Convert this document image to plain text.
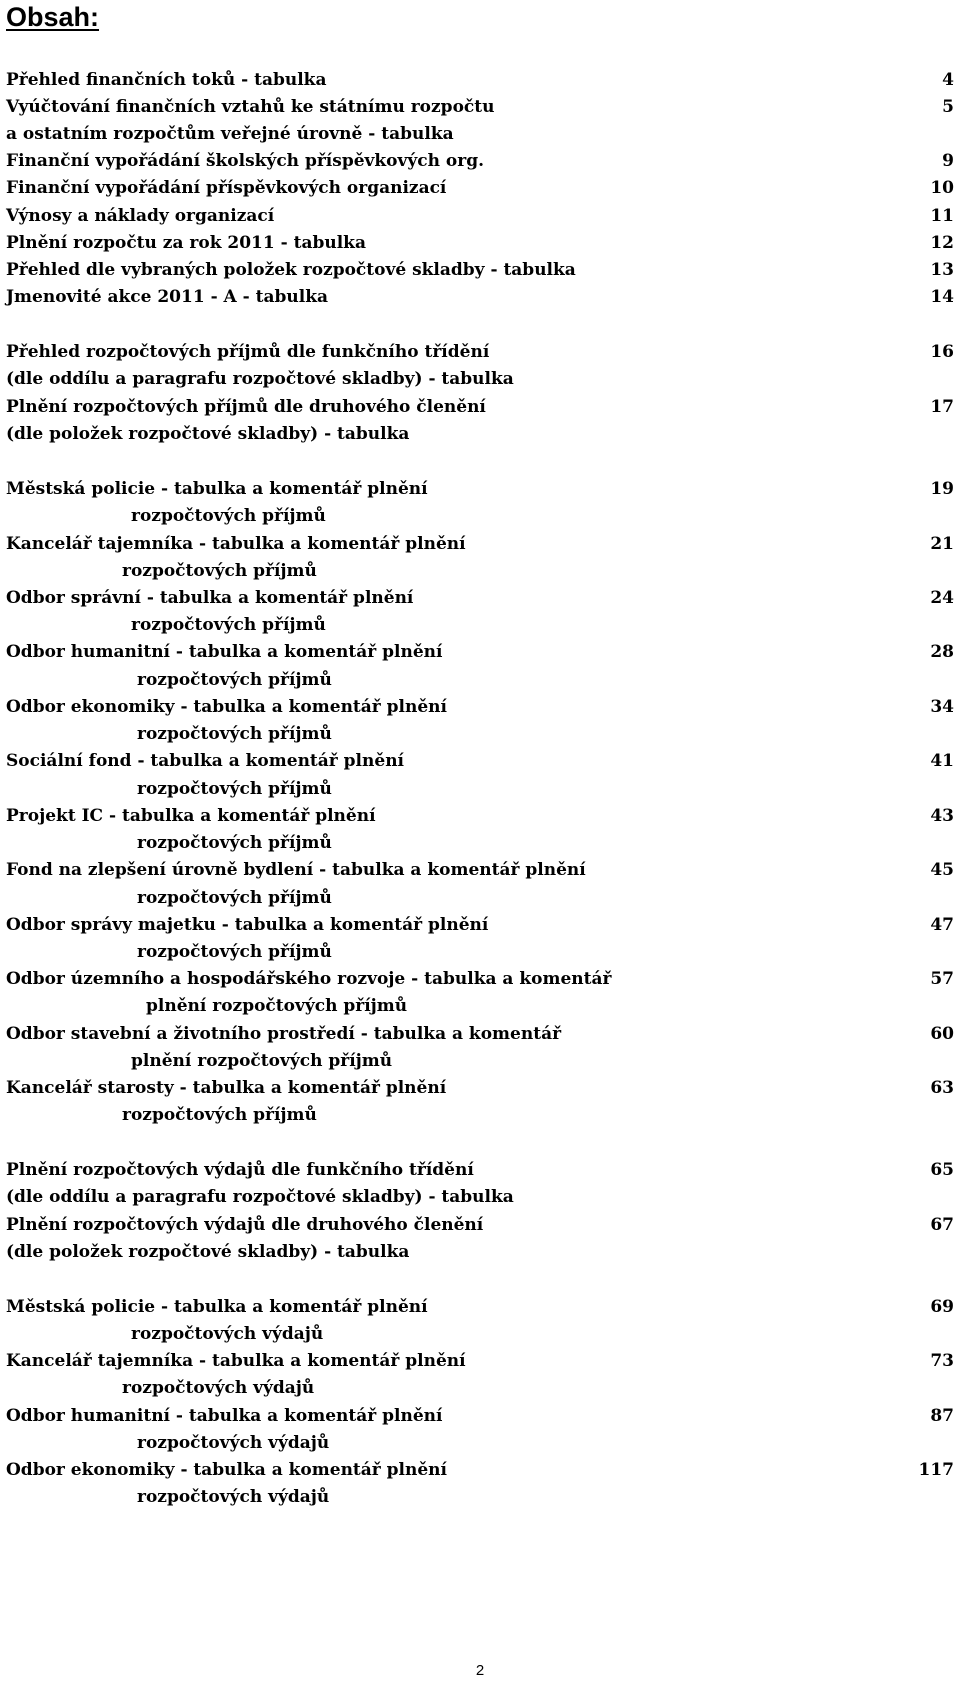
Obsah:
Přehled finančních toků - tabulka	4
Vyúčtování finančních vztahů ke státnímu rozpočtu	5
a ostatním rozpočtům veřejné úrovně - tabulka
Finanční vypořádání školských příspěvkových org.	9
Finanční vypořádání příspěvkových organizací	10
Výnosy a náklady organizací	11
Plnění rozpočtu za rok 2011 - tabulka	12
Přehled dle vybraných položek rozpočtové skladby - tabulka	13
Jmenovité akce 2011 - A - tabulka	14
Přehled rozpočtových příjmů dle funkčního třídění	16
(dle oddílu a paragrafu rozpočtové skladby) - tabulka
Plnění rozpočtových příjmů dle druhového členění	17
(dle položek rozpočtové skladby) - tabulka
Městská policie - tabulka a komentář plnění	19
rozpočtových příjmů
Kancelář tajemníka - tabulka a komentář plnění	21
rozpočtových příjmů
Odbor správní - tabulka a komentář plnění	24
rozpočtových příjmů
Odbor humanitní - tabulka a komentář plnění	28
rozpočtových příjmů
Odbor ekonomiky - tabulka a komentář plnění	34
rozpočtových příjmů
Sociální fond - tabulka a komentář plnění	41
rozpočtových příjmů
Projekt IC - tabulka a komentář plnění	43
rozpočtových příjmů
Fond na zlepšení úrovně bydlení - tabulka a komentář plnění	45
rozpočtových příjmů
Odbor správy majetku - tabulka a komentář plnění	47
rozpočtových příjmů
Odbor územního a hospodářského rozvoje - tabulka a komentář	57
plnění rozpočtových příjmů
Odbor stavební a životního prostředí - tabulka a komentář	60
plnění rozpočtových příjmů
Kancelář starosty - tabulka a komentář plnění	63
rozpočtových příjmů
Plnění rozpočtových výdajů dle funkčního třídění	65
(dle oddílu a paragrafu rozpočtové skladby) - tabulka
Plnění rozpočtových výdajů dle druhového členění	67
(dle položek rozpočtové skladby) - tabulka
Městská policie - tabulka a komentář plnění	69
rozpočtových výdajů
Kancelář tajemníka - tabulka a komentář plnění	73
rozpočtových výdajů
Odbor humanitní - tabulka a komentář plnění	87
rozpočtových výdajů
Odbor ekonomiky - tabulka a komentář plnění	117
rozpočtových výdajů
2
